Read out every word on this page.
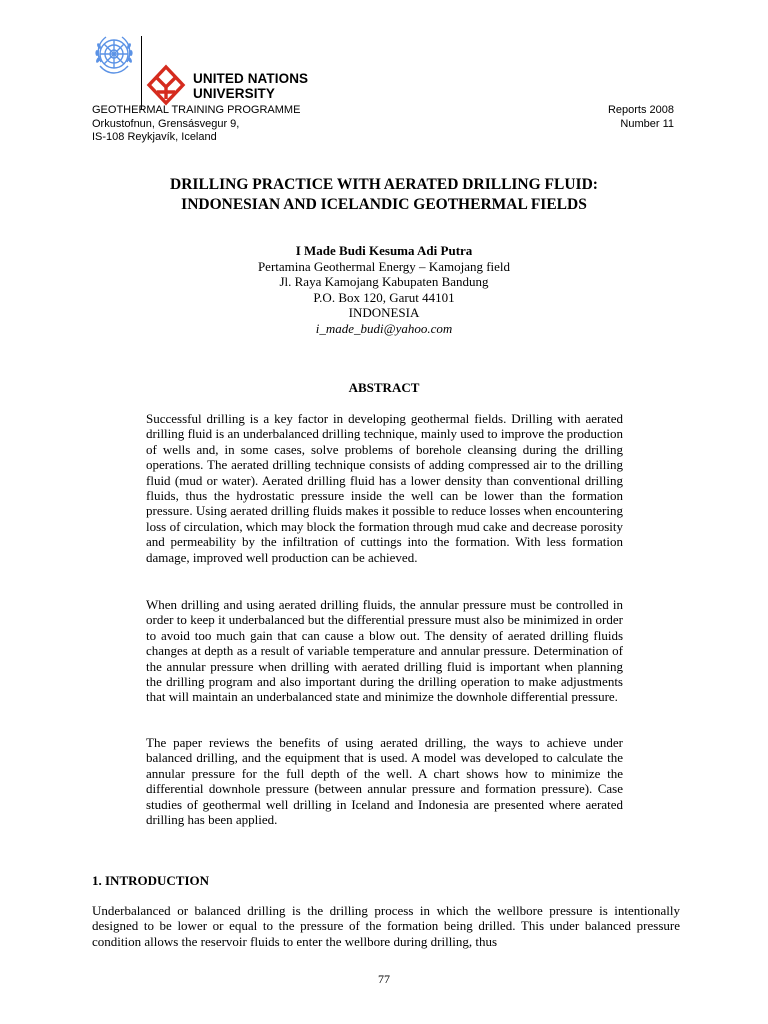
UNITED NATIONS
UNIVERSITY
GEOTHERMAL TRAINING PROGRAMME
Orkustofnun, Grensásvegur 9,
IS-108 Reykjavík, Iceland
Reports 2008
Number 11
DRILLING PRACTICE WITH AERATED DRILLING FLUID:
INDONESIAN AND ICELANDIC GEOTHERMAL FIELDS
I Made Budi Kesuma Adi Putra
Pertamina Geothermal Energy – Kamojang field
Jl. Raya Kamojang Kabupaten Bandung
P.O. Box 120, Garut 44101
INDONESIA
i_made_budi@yahoo.com
ABSTRACT
Successful drilling is a key factor in developing geothermal fields. Drilling with aerated drilling fluid is an underbalanced drilling technique, mainly used to improve the production of wells and, in some cases, solve problems of borehole cleansing during the drilling operations. The aerated drilling technique consists of adding compressed air to the drilling fluid (mud or water). Aerated drilling fluid has a lower density than conventional drilling fluids, thus the hydrostatic pressure inside the well can be lower than the formation pressure. Using aerated drilling fluids makes it possible to reduce losses when encountering loss of circulation, which may block the formation through mud cake and decrease porosity and permeability by the infiltration of cuttings into the formation. With less formation damage, improved well production can be achieved.
When drilling and using aerated drilling fluids, the annular pressure must be controlled in order to keep it underbalanced but the differential pressure must also be minimized in order to avoid too much gain that can cause a blow out. The density of aerated drilling fluids changes at depth as a result of variable temperature and annular pressure. Determination of the annular pressure when drilling with aerated drilling fluid is important when planning the drilling program and also important during the drilling operation to make adjustments that will maintain an underbalanced state and minimize the downhole differential pressure.
The paper reviews the benefits of using aerated drilling, the ways to achieve under balanced drilling, and the equipment that is used. A model was developed to calculate the annular pressure for the full depth of the well. A chart shows how to minimize the differential downhole pressure (between annular pressure and formation pressure). Case studies of geothermal well drilling in Iceland and Indonesia are presented where aerated drilling has been applied.
1. INTRODUCTION
Underbalanced or balanced drilling is the drilling process in which the wellbore pressure is intentionally designed to be lower or equal to the pressure of the formation being drilled. This under balanced pressure condition allows the reservoir fluids to enter the wellbore during drilling, thus
77
